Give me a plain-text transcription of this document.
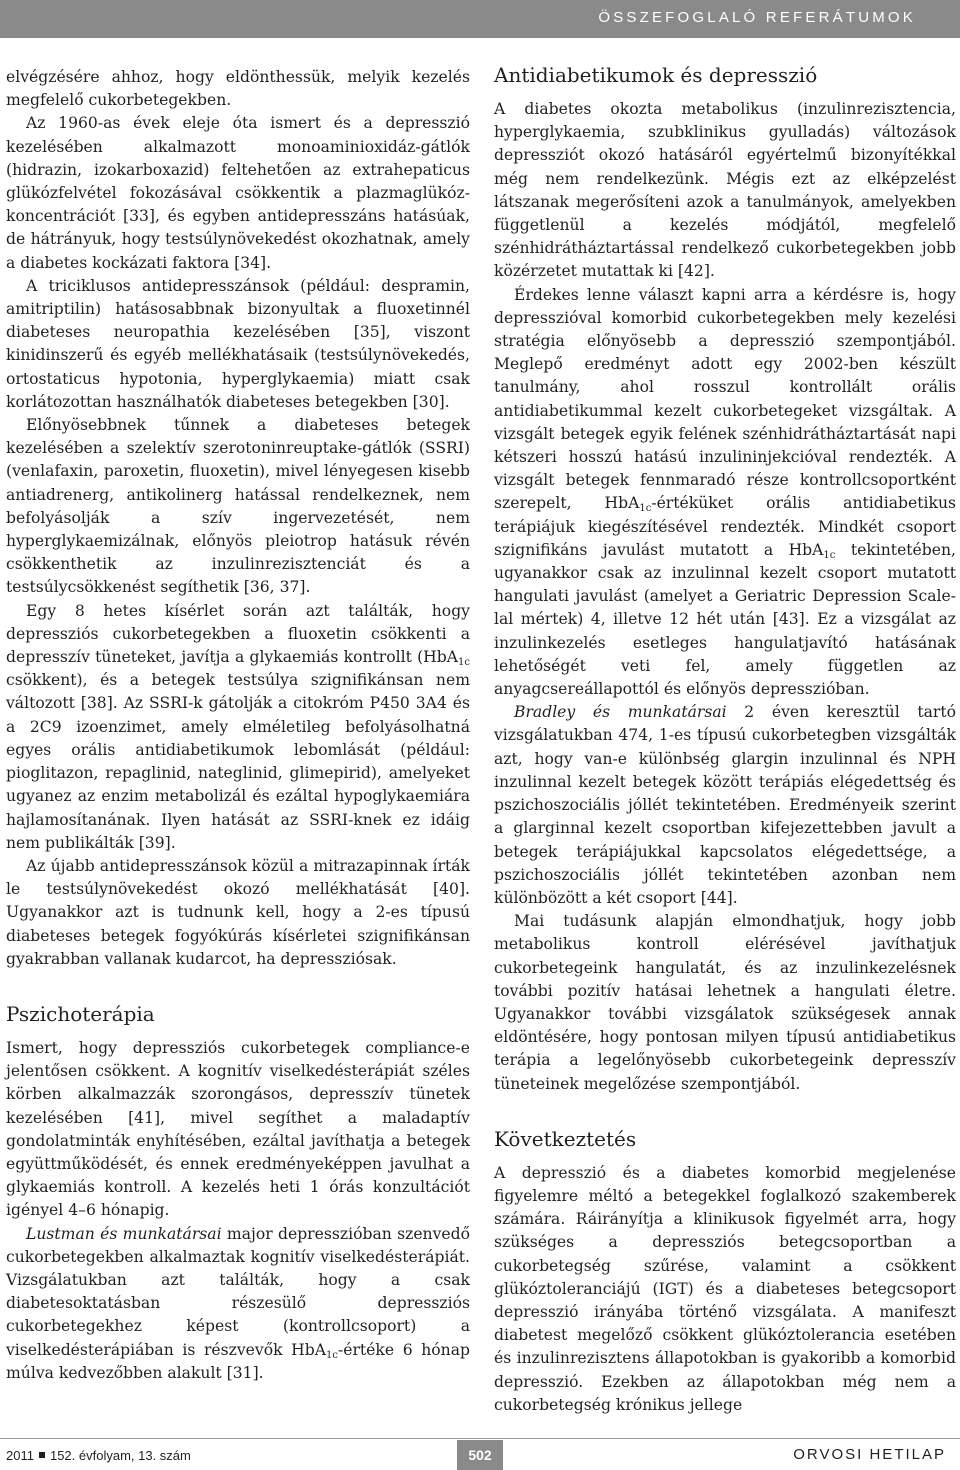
ÖSSZEFOGLALÓ REFERÁTUMOK

elvégzésére ahhoz, hogy eldönthessük, melyik kezelés megfelelő cukorbetegekben.

Az 1960-as évek eleje óta ismert és a depresszió kezelésében alkalmazott monoaminioxidáz-gátlók (hidrazin, izokarboxazid) feltehetően az extrahepaticus glükózfelvétel fokozásával csökkentik a plazmaglükóz-koncentrációt [33], és egyben antidepresszáns hatásúak, de hátrányuk, hogy testsúlynövekedést okozhatnak, amely a diabetes kockázati faktora [34].

A triciklusos antidepresszánsok (például: despramin, amitriptilin) hatásosabbnak bizonyultak a fluoxetinnél diabeteses neuropathia kezelésében [35], viszont kinidinszerű és egyéb mellékhatásaik (testsúlynövekedés, ortostaticus hypotonia, hyperglykaemia) miatt csak korlátozottan használhatók diabeteses betegekben [30].

Előnyösebbnek tűnnek a diabeteses betegek kezelésében a szelektív szerotoninreuptake-gátlók (SSRI) (venlafaxin, paroxetin, fluoxetin), mivel lényegesen kisebb antiadrenerg, antikolinerg hatással rendelkeznek, nem befolyásolják a szív ingervezetését, nem hyperglykaemizálnak, előnyös pleiotrop hatásuk révén csökkenthetik az inzulinrezisztenciát és a testsúlycsökkenést segíthetik [36, 37].

Egy 8 hetes kísérlet során azt találták, hogy depressziós cukorbetegekben a fluoxetin csökkenti a depresszív tüneteket, javítja a glykaemiás kontrollt (HbA$_{1c}$ csökkent), és a betegek testsúlya szignifikánsan nem változott [38]. Az SSRI-k gátolják a citokróm P450 3A4 és a 2C9 izoenzimet, amely elméletileg befolyásolhatná egyes orális antidiabetikumok lebomlását (például: pioglitazon, repaglinid, nateglinid, glimepirid), amelyeket ugyanez az enzim metabolizál és ezáltal hypoglykaemiára hajlamosítanának. Ilyen hatását az SSRI-knek ez idáig nem publikálták [39].

Az újabb antidepresszánsok közül a mitrazapinnak írták le testsúlynövekedést okozó mellékhatását [40]. Ugyanakkor azt is tudnunk kell, hogy a 2-es típusú diabeteses betegek fogyókúrás kísérletei szignifikánsan gyakrabban vallanak kudarcot, ha depressziósak.

Pszichoterápia

Ismert, hogy depressziós cukorbetegek compliance-e jelentősen csökkent. A kognitív viselkedésterápiát széles körben alkalmazzák szorongásos, depresszív tünetek kezelésében [41], mivel segíthet a maladaptív gondolatminták enyhítésében, ezáltal javíthatja a betegek együttműködését, és ennek eredményeképpen javulhat a glykaemiás kontroll. A kezelés heti 1 órás konzultációt igényel 4–6 hónapig.

Lustman és munkatársai major depresszióban szenvedő cukorbetegekben alkalmaztak kognitív viselkedésterápiát. Vizsgálatukban azt találták, hogy a csak diabetesoktatásban részesülő depressziós cukorbetegekhez képest (kontrollcsoport) a viselkedésterápiában is részvevők HbA$_{1c}$-értéke 6 hónap múlva kedvezőbben alakult [31].

Antidiabetikumok és depresszió

A diabetes okozta metabolikus (inzulinrezisztencia, hyperglykaemia, szubklinikus gyulladás) változások depressziót okozó hatásáról egyértelmű bizonyítékkal még nem rendelkezünk. Mégis ezt az elképzelést látszanak megerősíteni azok a tanulmányok, amelyekben függetlenül a kezelés módjától, megfelelő szénhidrátháztartással rendelkező cukorbetegekben jobb közérzetet mutattak ki [42].

Érdekes lenne választ kapni arra a kérdésre is, hogy depresszióval komorbid cukorbetegekben mely kezelési stratégia előnyösebb a depresszió szempontjából. Meglepő eredményt adott egy 2002-ben készült tanulmány, ahol rosszul kontrollált orális antidiabetikummal kezelt cukorbetegeket vizsgáltak. A vizsgált betegek egyik felének szénhidrátháztartását napi kétszeri hosszú hatású inzulininjekcióval rendezték. A vizsgált betegek fennmaradó része kontrollcsoportként szerepelt, HbA$_{1c}$-értéküket orális antidiabetikus terápiájuk kiegészítésével rendezték. Mindkét csoport szignifikáns javulást mutatott a HbA$_{1c}$ tekintetében, ugyanakkor csak az inzulinnal kezelt csoport mutatott hangulati javulást (amelyet a Geriatric Depression Scale-lal mértek) 4, illetve 12 hét után [43]. Ez a vizsgálat az inzulinkezelés esetleges hangulatjavító hatásának lehetőségét veti fel, amely független az anyagcsereállapottól és előnyös depresszióban.

Bradley és munkatársai 2 éven keresztül tartó vizsgálatukban 474, 1-es típusú cukorbetegben vizsgálták azt, hogy van-e különbség glargin inzulinnal és NPH inzulinnal kezelt betegek között terápiás elégedettség és pszichoszociális jóllét tekintetében. Eredményeik szerint a glarginnal kezelt csoportban kifejezettebben javult a betegek terápiájukkal kapcsolatos elégedettsége, a pszichoszociális jóllét tekintetében azonban nem különbözött a két csoport [44].

Mai tudásunk alapján elmondhatjuk, hogy jobb metabolikus kontroll elérésével javíthatjuk cukorbetegeink hangulatát, és az inzulinkezelésnek további pozitív hatásai lehetnek a hangulati életre. Ugyanakkor további vizsgálatok szükségesek annak eldöntésére, hogy pontosan milyen típusú antidiabetikus terápia a legelőnyösebb cukorbetegeink depresszív tüneteinek megelőzése szempontjából.

Következtetés

A depresszió és a diabetes komorbid megjelenése figyelemre méltó a betegekkel foglalkozó szakemberek számára. Ráirányítja a klinikusok figyelmét arra, hogy szükséges a depressziós betegcsoportban a cukorbetegség szűrése, valamint a csökkent glükóztoleranciájú (IGT) és a diabeteses betegcsoport depresszió irányába történő vizsgálata. A manifeszt diabetest megelőző csökkent glükóztolerancia esetében és inzulinrezisztens állapotokban is gyakoribb a komorbid depresszió. Ezekben az állapotokban még nem a cukorbetegség krónikus jellege

2011 152. évfolyam, 13. szám	502	ORVOSI HETILAP
